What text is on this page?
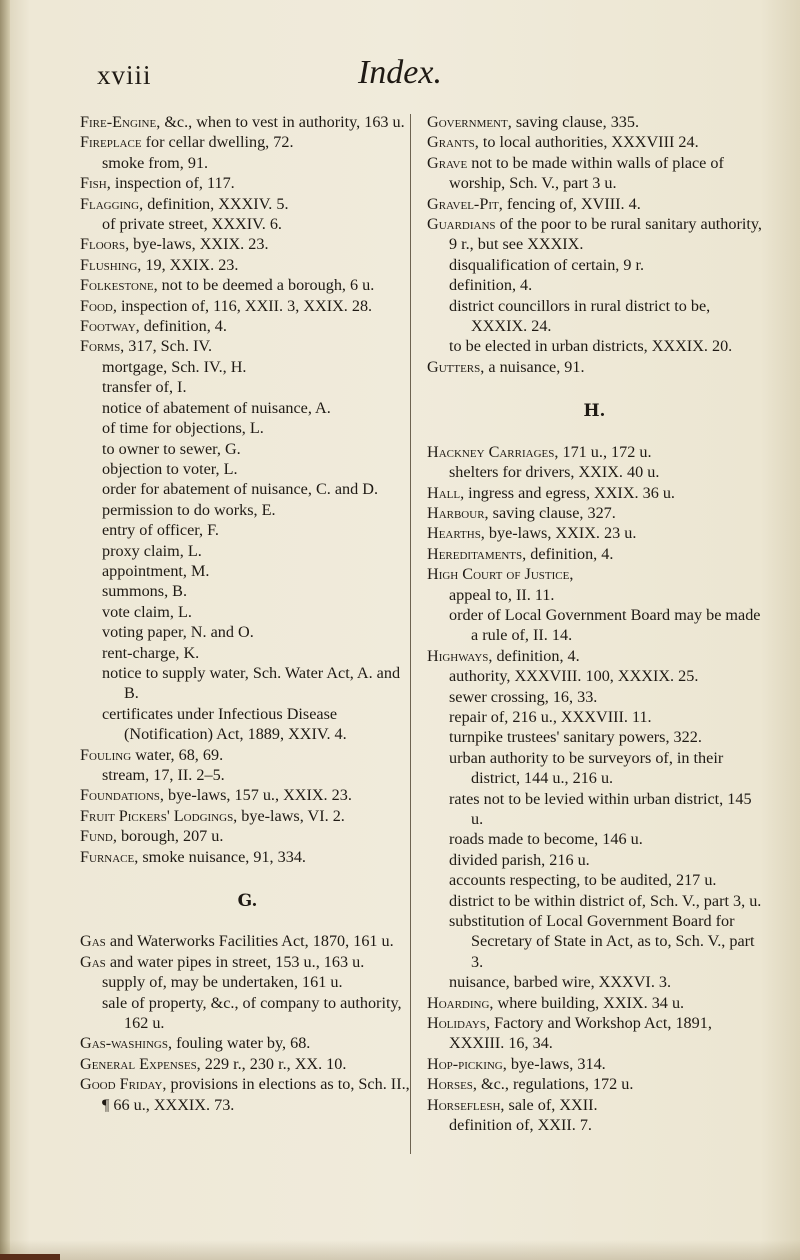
xviii	Index.

Fire-Engine, &c., when to vest in authority, 163 u.

Fireplace for cellar dwelling, 72.

smoke from, 91.

Fish, inspection of, 117.

Flagging, definition, XXXIV. 5.

of private street, XXXIV. 6.

Floors, bye-laws, XXIX. 23.

Flushing, 19, XXIX. 23.

Folkestone, not to be deemed a borough, 6 u.

Food, inspection of, 116, XXII. 3, XXIX. 28.

Footway, definition, 4.

Forms, 317, Sch. IV.

mortgage, Sch. IV., H.

transfer of, I.

notice of abatement of nuisance, A.

of time for objections, L.

to owner to sewer, G.

objection to voter, L.

order for abatement of nuisance, C. and D.

permission to do works, E.

entry of officer, F.

proxy claim, L.

appointment, M.

summons, B.

vote claim, L.

voting paper, N. and O.

rent-charge, K.

notice to supply water, Sch. Water Act, A. and B.

certificates under Infectious Disease (Notification) Act, 1889, XXIV. 4.

Fouling water, 68, 69.

stream, 17, II. 2–5.

Foundations, bye-laws, 157 u., XXIX. 23.

Fruit Pickers' Lodgings, bye-laws, VI. 2.

Fund, borough, 207 u.

Furnace, smoke nuisance, 91, 334.

G.

Gas and Waterworks Facilities Act, 1870, 161 u.

Gas and water pipes in street, 153 u., 163 u.

supply of, may be undertaken, 161 u.

sale of property, &c., of company to authority, 162 u.

Gas-washings, fouling water by, 68.

General Expenses, 229 r., 230 r., XX. 10.

Good Friday, provisions in elections as to, Sch. II., ¶ 66 u., XXXIX. 73.

Government, saving clause, 335.

Grants, to local authorities, XXXVIII 24.

Grave not to be made within walls of place of worship, Sch. V., part 3 u.

Gravel-Pit, fencing of, XVIII. 4.

Guardians of the poor to be rural sanitary authority, 9 r., but see XXXIX.

disqualification of certain, 9 r.

definition, 4.

district councillors in rural district to be, XXXIX. 24.

to be elected in urban districts, XXXIX. 20.

Gutters, a nuisance, 91.

H.

Hackney Carriages, 171 u., 172 u.

shelters for drivers, XXIX. 40 u.

Hall, ingress and egress, XXIX. 36 u.

Harbour, saving clause, 327.

Hearths, bye-laws, XXIX. 23 u.

Hereditaments, definition, 4.

High Court of Justice,

appeal to, II. 11.

order of Local Government Board may be made a rule of, II. 14.

Highways, definition, 4.

authority, XXXVIII. 100, XXXIX. 25.

sewer crossing, 16, 33.

repair of, 216 u., XXXVIII. 11.

turnpike trustees' sanitary powers, 322.

urban authority to be surveyors of, in their district, 144 u., 216 u.

rates not to be levied within urban district, 145 u.

roads made to become, 146 u.

divided parish, 216 u.

accounts respecting, to be audited, 217 u.

district to be within district of, Sch. V., part 3, u.

substitution of Local Government Board for Secretary of State in Act, as to, Sch. V., part 3.

nuisance, barbed wire, XXXVI. 3.

Hoarding, where building, XXIX. 34 u.

Holidays, Factory and Workshop Act, 1891, XXXIII. 16, 34.

Hop-picking, bye-laws, 314.

Horses, &c., regulations, 172 u.

Horseflesh, sale of, XXII.

definition of, XXII. 7.
